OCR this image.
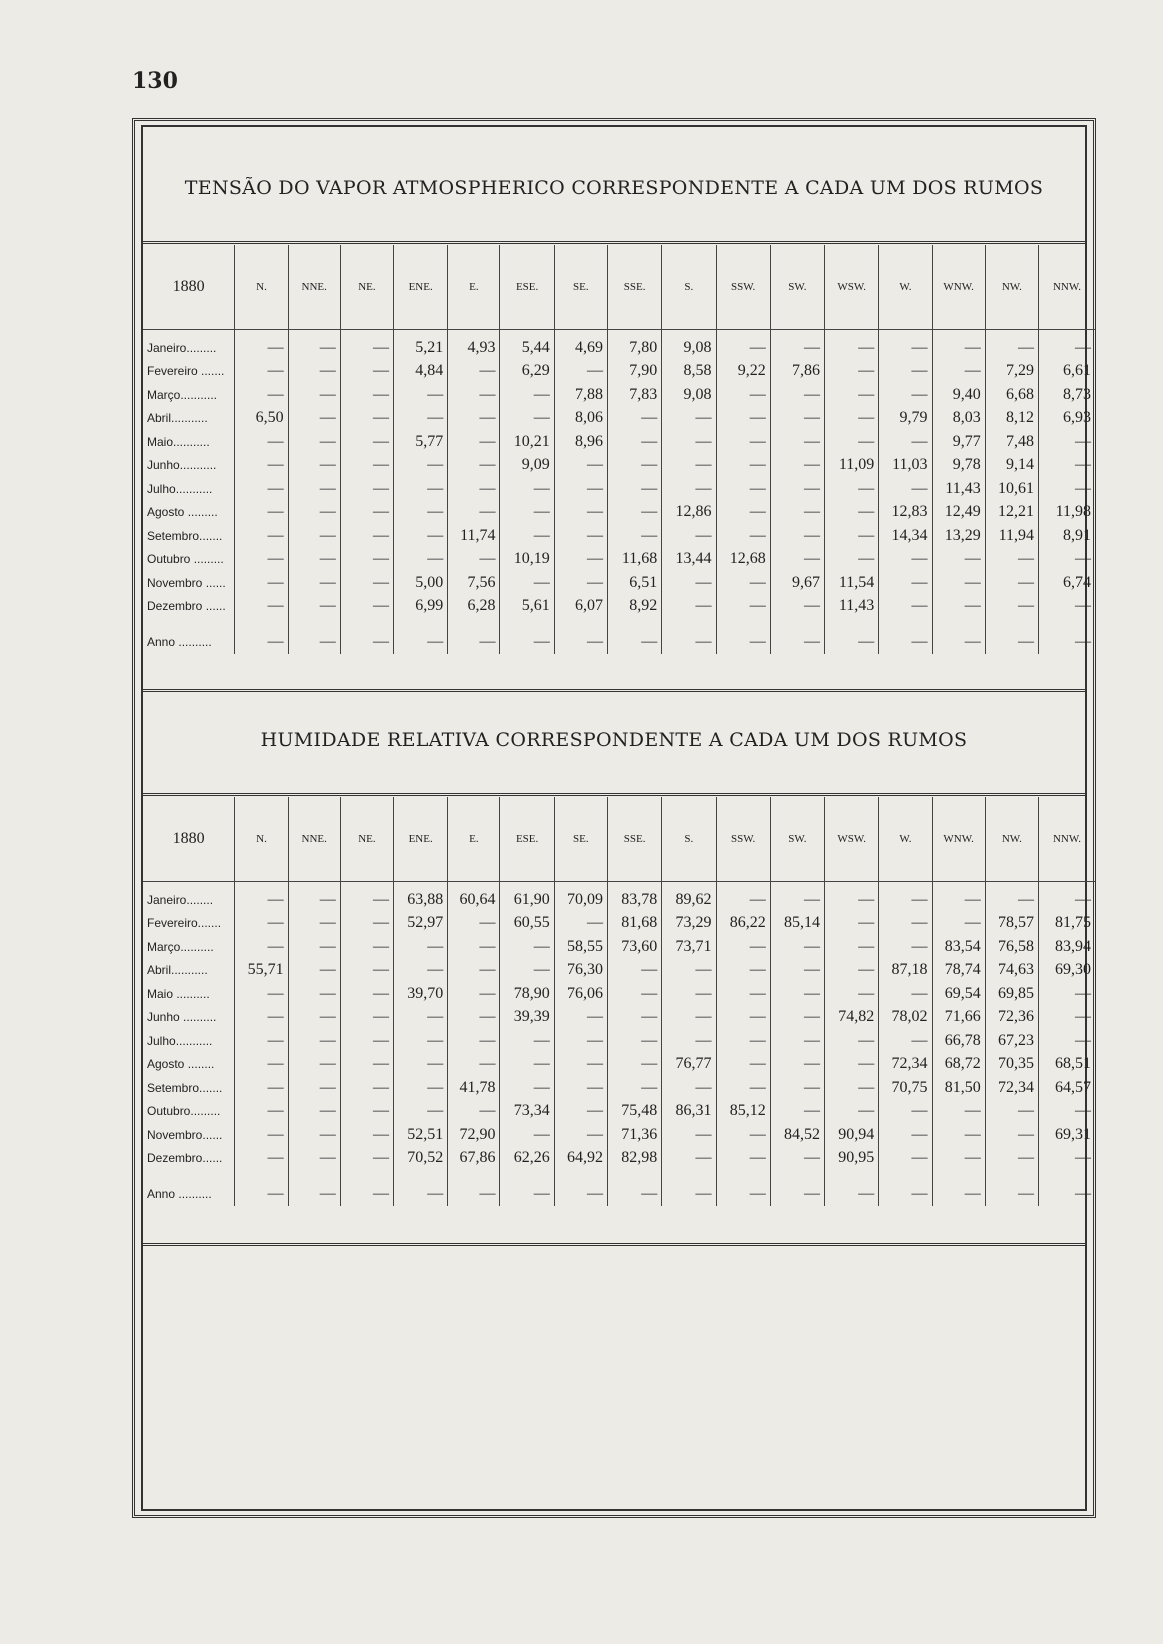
130
TENSÃO DO VAPOR ATMOSPHERICO CORRESPONDENTE A CADA UM DOS RUMOS
1880	N.	NNE.	NE.	ENE.	E.	ESE.	SE.	SSE.	S.	SSW.	SW.	WSW.	W.	WNW.	NW.	NNW.
Janeiro.........	—	—	—	5,21	4,93	5,44	4,69	7,80	9,08	—	—	—	—	—	—	—
Fevereiro .......	—	—	—	4,84	—	6,29	—	7,90	8,58	9,22	7,86	—	—	—	7,29	6,61
Março...........	—	—	—	—	—	—	7,88	7,83	9,08	—	—	—	—	9,40	6,68	8,73
Abril...........	6,50	—	—	—	—	—	8,06	—	—	—	—	—	9,79	8,03	8,12	6,93
Maio...........	—	—	—	5,77	—	10,21	8,96	—	—	—	—	—	—	9,77	7,48	—
Junho...........	—	—	—	—	—	9,09	—	—	—	—	—	11,09	11,03	9,78	9,14	—
Julho...........	—	—	—	—	—	—	—	—	—	—	—	—	—	11,43	10,61	—
Agosto .........	—	—	—	—	—	—	—	—	12,86	—	—	—	12,83	12,49	12,21	11,98
Setembro.......	—	—	—	—	11,74	—	—	—	—	—	—	—	14,34	13,29	11,94	8,91
Outubro .........	—	—	—	—	—	10,19	—	11,68	13,44	12,68	—	—	—	—	—	—
Novembro ......	—	—	—	5,00	7,56	—	—	6,51	—	—	9,67	11,54	—	—	—	6,74
Dezembro ......	—	—	—	6,99	6,28	5,61	6,07	8,92	—	—	—	11,43	—	—	—	—

Anno ..........	—	—	—	—	—	—	—	—	—	—	—	—	—	—	—	—
HUMIDADE RELATIVA CORRESPONDENTE A CADA UM DOS RUMOS
1880	N.	NNE.	NE.	ENE.	E.	ESE.	SE.	SSE.	S.	SSW.	SW.	WSW.	W.	WNW.	NW.	NNW.
Janeiro........	—	—	—	63,88	60,64	61,90	70,09	83,78	89,62	—	—	—	—	—	—	—
Fevereiro.......	—	—	—	52,97	—	60,55	—	81,68	73,29	86,22	85,14	—	—	—	78,57	81,75
Março..........	—	—	—	—	—	—	58,55	73,60	73,71	—	—	—	—	83,54	76,58	83,94
Abril...........	55,71	—	—	—	—	—	76,30	—	—	—	—	—	87,18	78,74	74,63	69,30
Maio ..........	—	—	—	39,70	—	78,90	76,06	—	—	—	—	—	—	69,54	69,85	—
Junho ..........	—	—	—	—	—	39,39	—	—	—	—	—	74,82	78,02	71,66	72,36	—
Julho...........	—	—	—	—	—	—	—	—	—	—	—	—	—	66,78	67,23	—
Agosto ........	—	—	—	—	—	—	—	—	76,77	—	—	—	72,34	68,72	70,35	68,51
Setembro.......	—	—	—	—	41,78	—	—	—	—	—	—	—	70,75	81,50	72,34	64,57
Outubro.........	—	—	—	—	—	73,34	—	75,48	86,31	85,12	—	—	—	—	—	—
Novembro......	—	—	—	52,51	72,90	—	—	71,36	—	—	84,52	90,94	—	—	—	69,31
Dezembro......	—	—	—	70,52	67,86	62,26	64,92	82,98	—	—	—	90,95	—	—	—	—

Anno ..........	—	—	—	—	—	—	—	—	—	—	—	—	—	—	—	—
